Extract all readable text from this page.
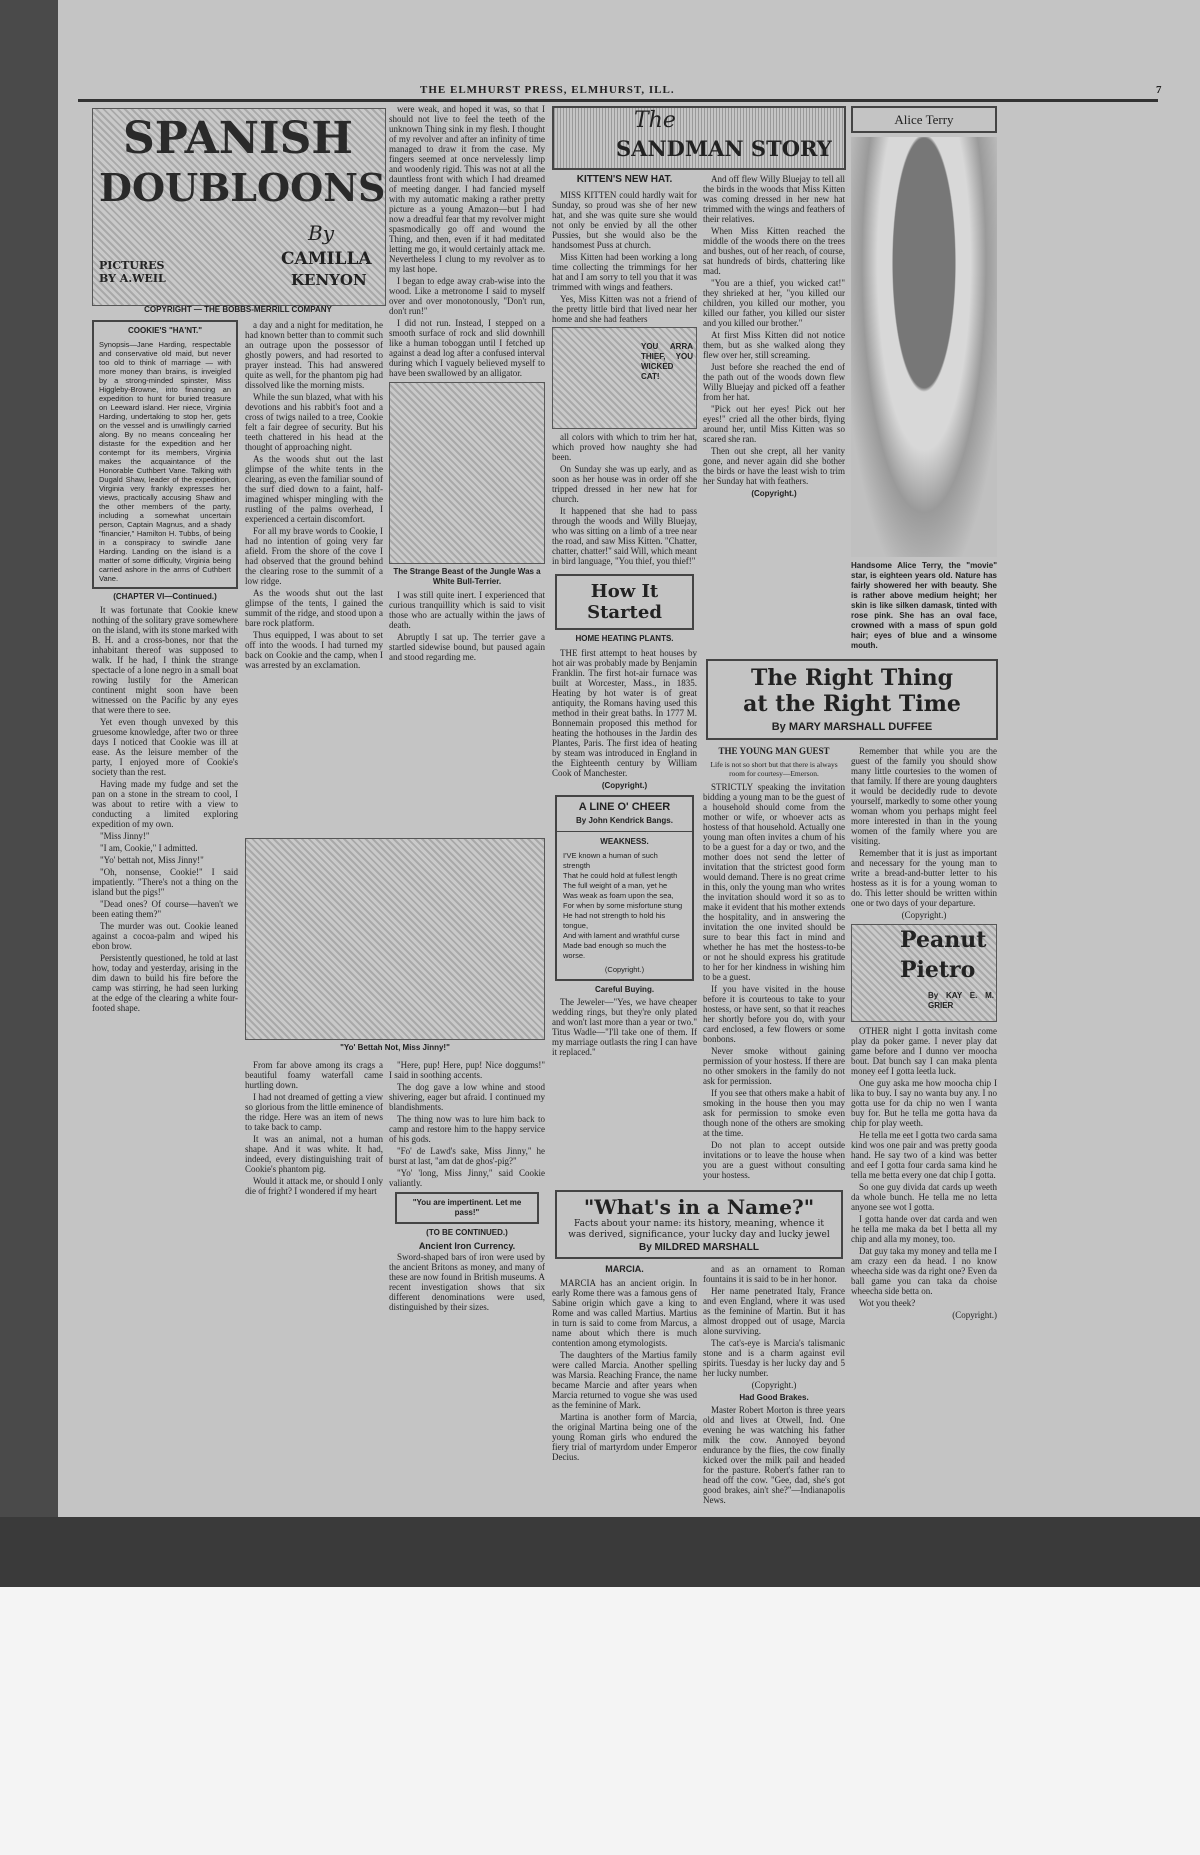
THE ELMHURST PRESS, ELMHURST, ILL.	7
SPANISH
DOUBLOONS
By
CAMILLA
KENYON
PICTURES BY A.WEIL
COPYRIGHT — THE BOBBS-MERRILL COMPANY
COOKIE'S "HA'NT."
Synopsis—Jane Harding, respectable and conservative old maid, but never too old to think of marriage — with more money than brains, is inveigled by a strong-minded spinster, Miss Higgleby-Browne, into financing an expedition to hunt for buried treasure on Leeward island. Her niece, Virginia Harding, undertaking to stop her, gets on the vessel and is unwillingly carried along. By no means concealing her distaste for the expedition and her contempt for its members, Virginia makes the acquaintance of the Honorable Cuthbert Vane. Talking with Dugald Shaw, leader of the expedition, Virginia very frankly expresses her views, practically accusing Shaw and the other members of the party, including a somewhat uncertain person, Captain Magnus, and a shady "financier," Hamilton H. Tubbs, of being in a conspiracy to swindle Jane Harding. Landing on the island is a matter of some difficulty, Virginia being carried ashore in the arms of Cuthbert Vane.
(CHAPTER VI—Continued.)

It was fortunate that Cookie knew nothing of the solitary grave somewhere on the island, with its stone marked with B. H. and a cross-bones, nor that the inhabitant thereof was supposed to walk. If he had, I think the strange spectacle of a lone negro in a small boat rowing lustily for the American continent might soon have been witnessed on the Pacific by any eyes that were there to see.

Yet even though unvexed by this gruesome knowledge, after two or three days I noticed that Cookie was ill at ease. As the leisure member of the party, I enjoyed more of Cookie's society than the rest.

Having made my fudge and set the pan on a stone in the stream to cool, I was about to retire with a view to conducting a limited exploring expedition of my own.

"Miss Jinny!"

"I am, Cookie," I admitted.

"Yo' bettah not, Miss Jinny!"

"Oh, nonsense, Cookie!" I said impatiently. "There's not a thing on the island but the pigs!"

"Dead ones? Of course—haven't we been eating them?"

The murder was out. Cookie leaned against a cocoa-palm and wiped his ebon brow.

Persistently questioned, he told at last how, today and yesterday, arising in the dim dawn to build his fire before the camp was stirring, he had seen lurking at the edge of the clearing a white four-footed shape.

a day and a night for meditation, he had known better than to commit such an outrage upon the possessor of ghostly powers, and had resorted to prayer instead. This had answered quite as well, for the phantom pig had dissolved like the morning mists.

While the sun blazed, what with his devotions and his rabbit's foot and a cross of twigs nailed to a tree, Cookie felt a fair degree of security. But his teeth chattered in his head at the thought of approaching night.

As the woods shut out the last glimpse of the white tents in the clearing, as even the familiar sound of the surf died down to a faint, half-imagined whisper mingling with the rustling of the palms overhead, I experienced a certain discomfort.

For all my brave words to Cookie, I had no intention of going very far afield. From the shore of the cove I had observed that the ground behind the clearing rose to the summit of a low ridge.

As the woods shut out the last glimpse of the tents, I gained the summit of the ridge, and stood upon a bare rock platform.

Thus equipped, I was about to set off into the woods. I had turned my back on Cookie and the camp, when I was arrested by an exclamation.

were weak, and hoped it was, so that I should not live to feel the teeth of the unknown Thing sink in my flesh. I thought of my revolver and after an infinity of time managed to draw it from the case. My fingers seemed at once nervelessly limp and woodenly rigid. This was not at all the dauntless front with which I had dreamed of meeting danger. I had fancied myself with my automatic making a rather pretty picture as a young Amazon—but I had now a dreadful fear that my revolver might spasmodically go off and wound the Thing, and then, even if it had meditated letting me go, it would certainly attack me. Nevertheless I clung to my revolver as to my last hope.

I began to edge away crab-wise into the wood. Like a metronome I said to myself over and over monotonously, "Don't run, don't run!"

I did not run. Instead, I stepped on a smooth surface of rock and slid downhill like a human toboggan until I fetched up against a dead log after a confused interval during which I vaguely believed myself to have been swallowed by an alligator.

The Strange Beast of the Jungle Was a White Bull-Terrier.

I was still quite inert. I experienced that curious tranquillity which is said to visit those who are actually within the jaws of death.

Abruptly I sat up. The terrier gave a startled sidewise bound, but paused again and stood regarding me.

"Yo' Bettah Not, Miss Jinny!"

From far above among its crags a beautiful foamy waterfall came hurtling down.

I had not dreamed of getting a view so glorious from the little eminence of the ridge. Here was an item of news to take back to camp.

It was an animal, not a human shape. And it was white. It had, indeed, every distinguishing trait of Cookie's phantom pig.

Would it attack me, or should I only die of fright? I wondered if my heart

"Here, pup! Here, pup! Nice doggums!" I said in soothing accents.

The dog gave a low whine and stood shivering, eager but afraid. I continued my blandishments.

The thing now was to lure him back to camp and restore him to the happy service of his gods.

"Fo' de Lawd's sake, Miss Jinny," he burst at last, "am dat de ghos'-pig?"

"Yo' 'long, Miss Jinny," said Cookie valiantly.

"You are impertinent. Let me pass!"
(TO BE CONTINUED.)
Ancient Iron Currency.

Sword-shaped bars of iron were used by the ancient Britons as money, and many of these are now found in British museums. A recent investigation shows that six different denominations were used, distinguished by their sizes.

The
SANDMAN STORY
KITTEN'S NEW HAT.

MISS KITTEN could hardly wait for Sunday, so proud was she of her new hat, and she was quite sure she would not only be envied by all the other Pussies, but she would also be the handsomest Puss at church.

Miss Kitten had been working a long time collecting the trimmings for her hat and I am sorry to tell you that it was trimmed with wings and feathers.

Yes, Miss Kitten was not a friend of the pretty little bird that lived near her home and she had feathers

YOU ARRA THIEF, YOU WICKED CAT!

all colors with which to trim her hat, which proved how naughty she had been.

On Sunday she was up early, and as soon as her house was in order off she tripped dressed in her new hat for church.

It happened that she had to pass through the woods and Willy Bluejay, who was sitting on a limb of a tree near the road, and saw Miss Kitten. "Chatter, chatter, chatter!" said Will, which meant in bird language, "You thief, you thief!"

How It Started
HOME HEATING PLANTS.

THE first attempt to heat houses by hot air was probably made by Benjamin Franklin. The first hot-air furnace was built at Worcester, Mass., in 1835. Heating by hot water is of great antiquity, the Romans having used this method in their great baths. In 1777 M. Bonnemain proposed this method for heating the hothouses in the Jardin des Plantes, Paris. The first idea of heating by steam was introduced in England in the Eighteenth century by William Cook of Manchester.

(Copyright.)
A LINE O' CHEER
By John Kendrick Bangs.
WEAKNESS.
I'VE known a human of such strength
That he could hold at fullest length
The full weight of a man, yet he
Was weak as foam upon the sea,
For when by some misfortune stung
He had not strength to hold his tongue,
And with lament and wrathful curse
Made bad enough so much the worse.
(Copyright.)
Careful Buying.

The Jeweler—"Yes, we have cheaper wedding rings, but they're only plated and won't last more than a year or two." Titus Wadle—"I'll take one of them. If my marriage outlasts the ring I can have it replaced."

And off flew Willy Bluejay to tell all the birds in the woods that Miss Kitten was coming dressed in her new hat trimmed with the wings and feathers of their relatives.

When Miss Kitten reached the middle of the woods there on the trees and bushes, out of her reach, of course, sat hundreds of birds, chattering like mad.

"You are a thief, you wicked cat!" they shrieked at her, "you killed our children, you killed our mother, you killed our father, you killed our sister and you killed our brother."

At first Miss Kitten did not notice them, but as she walked along they flew over her, still screaming.

Just before she reached the end of the path out of the woods down flew Willy Bluejay and picked off a feather from her hat.

"Pick out her eyes! Pick out her eyes!" cried all the other birds, flying around her, until Miss Kitten was so scared she ran.

Then out she crept, all her vanity gone, and never again did she bother the birds or have the least wish to trim her Sunday hat with feathers.

(Copyright.)
Alice Terry
Handsome Alice Terry, the "movie" star, is eighteen years old. Nature has fairly showered her with beauty. She is rather above medium height; her skin is like silken damask, tinted with rose pink. She has an oval face, crowned with a mass of spun gold hair; eyes of blue and a winsome mouth.
The Right Thing
at the Right Time
By MARY MARSHALL DUFFEE
THE YOUNG MAN GUEST
Life is not so short but that there is always room for courtesy—Emerson.

STRICTLY speaking the invitation bidding a young man to be the guest of a household should come from the mother or wife, or whoever acts as hostess of that household. Actually one young man often invites a chum of his to be a guest for a day or two, and the mother does not send the letter of invitation that the strictest good form would demand. There is no great crime in this, only the young man who writes the invitation should word it so as to make it evident that his mother extends the hospitality, and in answering the invitation the one invited should be sure to bear this fact in mind and whether he has met the hostess-to-be or not he should express his gratitude to her for her kindness in wishing him to be a guest.

If you have visited in the house before it is courteous to take to your hostess, or have sent, so that it reaches her shortly before you do, with your card enclosed, a few flowers or some bonbons.

Never smoke without gaining permission of your hostess. If there are no other smokers in the family do not ask for permission.

If you see that others make a habit of smoking in the house then you may ask for permission to smoke even though none of the others are smoking at the time.

Do not plan to accept outside invitations or to leave the house when you are a guest without consulting your hostess.

Remember that while you are the guest of the family you should show many little courtesies to the women of that family. If there are young daughters it would be decidedly rude to devote yourself, markedly to some other young woman whom you perhaps might feel more interested in than in the young women of the family where you are visiting.

Remember that it is just as important and necessary for the young man to write a bread-and-butter letter to his hostess as it is for a young woman to do. This letter should be written within one or two days of your departure.

(Copyright.)

Peanut
Pietro
By KAY E. M. GRIER

OTHER night I gotta invitash come play da poker game. I never play dat game before and I dunno ver moocha bout. Dat bunch say I can maka plenta money eef I gotta leetla luck.

One guy aska me how moocha chip I lika to buy. I say no wanta buy any. I no gotta use for da chip no wen I wanta buy for. But he tella me gotta hava da chip for play weeth.

He tella me eet I gotta two carda sama kind wos one pair and was pretty gooda hand. He say two of a kind was better and eef I gotta four carda sama kind he tella me betta every one dat chip I gotta.

So one guy divida dat cards up weeth da whole bunch. He tella me no letta anyone see wot I gotta.

I gotta hande over dat carda and wen he tella me maka da bet I betta all my chip and alla my money, too.

Dat guy taka my money and tella me I am crazy een da head. I no know wheecha side was da right one? Even da ball game you can taka da choise wheecha side betta on.

Wot you theek?

(Copyright.)

"What's in a Name?"
Facts about your name: its history, meaning, whence it was derived, significance, your lucky day and lucky jewel
By MILDRED MARSHALL
MARCIA.

MARCIA has an ancient origin. In early Rome there was a famous gens of Sabine origin which gave a king to Rome and was called Martius. Martius in turn is said to come from Marcus, a name about which there is much contention among etymologists.

The daughters of the Martius family were called Marcia. Another spelling was Marsia. Reaching France, the name became Marcie and after years when Marcia returned to vogue she was used as the feminine of Mark.

Martina is another form of Marcia, the original Martina being one of the young Roman girls who endured the fiery trial of martyrdom under Emperor Decius.

and as an ornament to Roman fountains it is said to be in her honor.

Her name penetrated Italy, France and even England, where it was used as the feminine of Martin. But it has almost dropped out of usage, Marcia alone surviving.

The cat's-eye is Marcia's talismanic stone and is a charm against evil spirits. Tuesday is her lucky day and 5 her lucky number.

(Copyright.)

Had Good Brakes.

Master Robert Morton is three years old and lives at Otwell, Ind. One evening he was watching his father milk the cow. Annoyed beyond endurance by the flies, the cow finally kicked over the milk pail and headed for the pasture. Robert's father ran to head off the cow. "Gee, dad, she's got good brakes, ain't she?"—Indianapolis News.
